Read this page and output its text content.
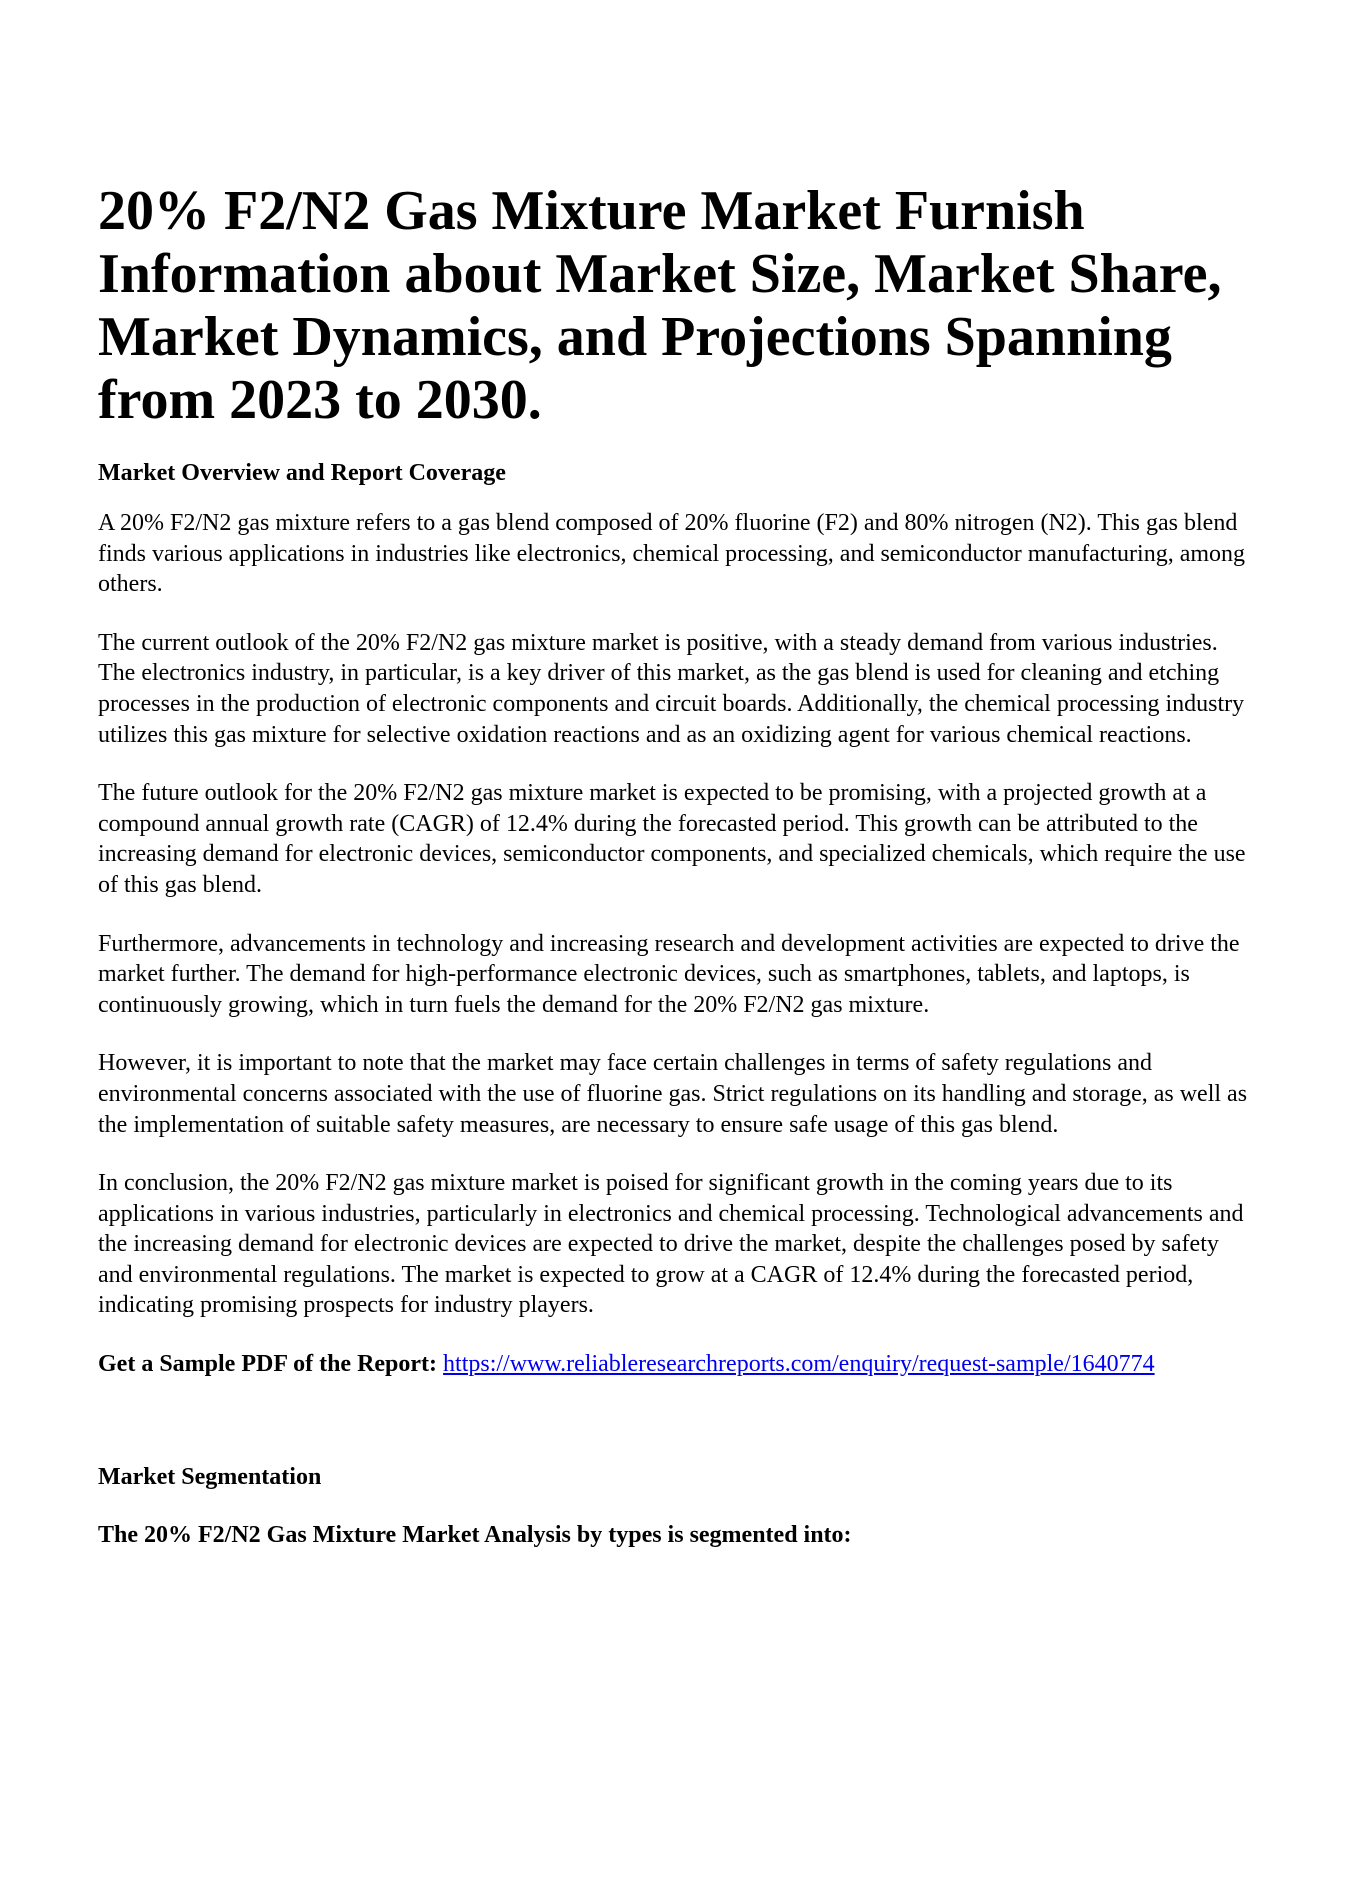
20% F2/N2 Gas Mixture Market Furnish Information about Market Size, Market Share, Market Dynamics, and Projections Spanning from 2023 to 2030.
Market Overview and Report Coverage

A 20% F2/N2 gas mixture refers to a gas blend composed of 20% fluorine (F2) and 80% nitrogen (N2). This gas blend finds various applications in industries like electronics, chemical processing, and semiconductor manufacturing, among others.

The current outlook of the 20% F2/N2 gas mixture market is positive, with a steady demand from various industries. The electronics industry, in particular, is a key driver of this market, as the gas blend is used for cleaning and etching processes in the production of electronic components and circuit boards. Additionally, the chemical processing industry utilizes this gas mixture for selective oxidation reactions and as an oxidizing agent for various chemical reactions.

The future outlook for the 20% F2/N2 gas mixture market is expected to be promising, with a projected growth at a compound annual growth rate (CAGR) of 12.4% during the forecasted period. This growth can be attributed to the increasing demand for electronic devices, semiconductor components, and specialized chemicals, which require the use of this gas blend.

Furthermore, advancements in technology and increasing research and development activities are expected to drive the market further. The demand for high-performance electronic devices, such as smartphones, tablets, and laptops, is continuously growing, which in turn fuels the demand for the 20% F2/N2 gas mixture.

However, it is important to note that the market may face certain challenges in terms of safety regulations and environmental concerns associated with the use of fluorine gas. Strict regulations on its handling and storage, as well as the implementation of suitable safety measures, are necessary to ensure safe usage of this gas blend.

In conclusion, the 20% F2/N2 gas mixture market is poised for significant growth in the coming years due to its applications in various industries, particularly in electronics and chemical processing. Technological advancements and the increasing demand for electronic devices are expected to drive the market, despite the challenges posed by safety and environmental regulations. The market is expected to grow at a CAGR of 12.4% during the forecasted period, indicating promising prospects for industry players.

Get a Sample PDF of the Report: https://www.reliableresearchreports.com/enquiry/request-sample/1640774

Market Segmentation
The 20% F2/N2 Gas Mixture Market Analysis by types is segmented into:
